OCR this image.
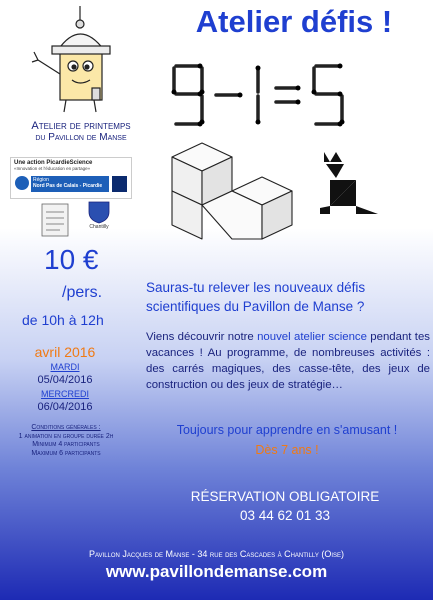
Atelier de printemps
du Pavillon de Manse
Une action PicardieScience
«Innovation et l'éducation en partage»
Région
Nord Pas de Calais - Picardie
Chantilly
10 €
/pers.
de 10h à 12h
avril 2016
MARDI
05/04/2016
MERCREDI
06/04/2016
Conditions générales :
1 animation en groupe durée 2h
Minimum 4 participants
Maximum 6 participants
Atelier défis !
Sauras-tu relever les nouveaux défis scientifiques du Pavillon de Manse ?
Viens découvrir notre nouvel atelier science pendant tes vacances ! Au programme, de nombreuses activités : des carrés magiques, des casse-tête, des jeux de construction ou des jeux de stratégie…
Toujours pour apprendre en s'amusant !
Dès 7 ans !
RÉSERVATION OBLIGATOIRE
03 44 62 01 33
Pavillon Jacques de Manse - 34 rue des Cascades à Chantilly (Oise)
www.pavillondemanse.com
